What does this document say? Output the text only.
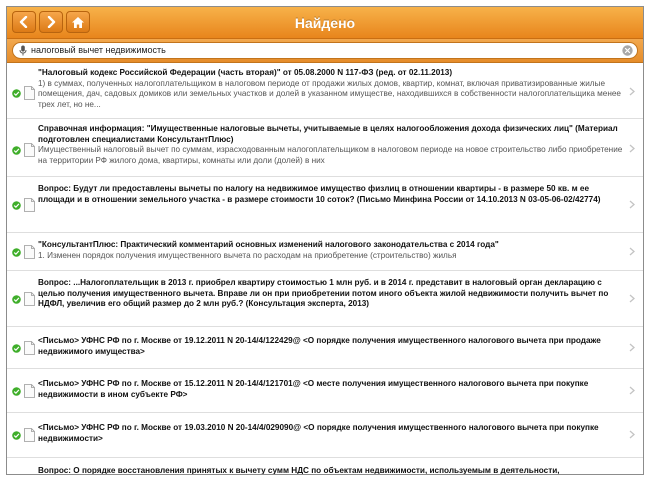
Найдено
налоговый вычет недвижимость
"Налоговый кодекс Российской Федерации (часть вторая)" от 05.08.2000 N 117-ФЗ (ред. от 02.11.2013)
1) в суммах, полученных налогоплательщиком в налоговом периоде от продажи жилых домов, квартир, комнат, включая приватизированные жилые помещения, дач, садовых домиков или земельных участков и долей в указанном имуществе, находившихся в собственности налогоплательщика менее трех лет, но не...
Справочная информация: "Имущественные налоговые вычеты, учитываемые в целях налогообложения дохода физических лиц" (Материал подготовлен специалистами КонсультантПлюс)
Имущественный налоговый вычет по суммам, израсходованным налогоплательщиком в налоговом периоде на новое строительство либо приобретение на территории РФ жилого дома, квартиры, комнаты или доли (долей) в них
Вопрос: Будут ли предоставлены вычеты по налогу на недвижимое имущество физлиц в отношении квартиры - в размере 50 кв. м ее площади и в отношении земельного участка - в размере стоимости 10 соток? (Письмо Минфина России от 14.10.2013 N 03-05-06-02/42774)
"КонсультантПлюс: Практический комментарий основных изменений налогового законодательства с 2014 года"
1. Изменен порядок получения имущественного вычета по расходам на приобретение (строительство) жилья
Вопрос: ...Налогоплательщик в 2013 г. приобрел квартиру стоимостью 1 млн руб. и в 2014 г. представит в налоговый орган декларацию с целью получения имущественного вычета. Вправе ли он при приобретении потом иного объекта жилой недвижимости получить вычет по НДФЛ, увеличив его общий размер до 2 млн руб.? (Консультация эксперта, 2013)
<Письмо> УФНС РФ по г. Москве от 19.12.2011 N 20-14/4/122429@ <О порядке получения имущественного налогового вычета при продаже недвижимого имущества>
<Письмо> УФНС РФ по г. Москве от 15.12.2011 N 20-14/4/121701@ <О месте получения имущественного налогового вычета при покупке недвижимости в ином субъекте РФ>
<Письмо> УФНС РФ по г. Москве от 19.03.2010 N 20-14/4/029090@ <О порядке получения имущественного налогового вычета при покупке недвижимости>
Вопрос: О порядке восстановления принятых к вычету сумм НДС по объектам недвижимости, используемым в деятельности,
